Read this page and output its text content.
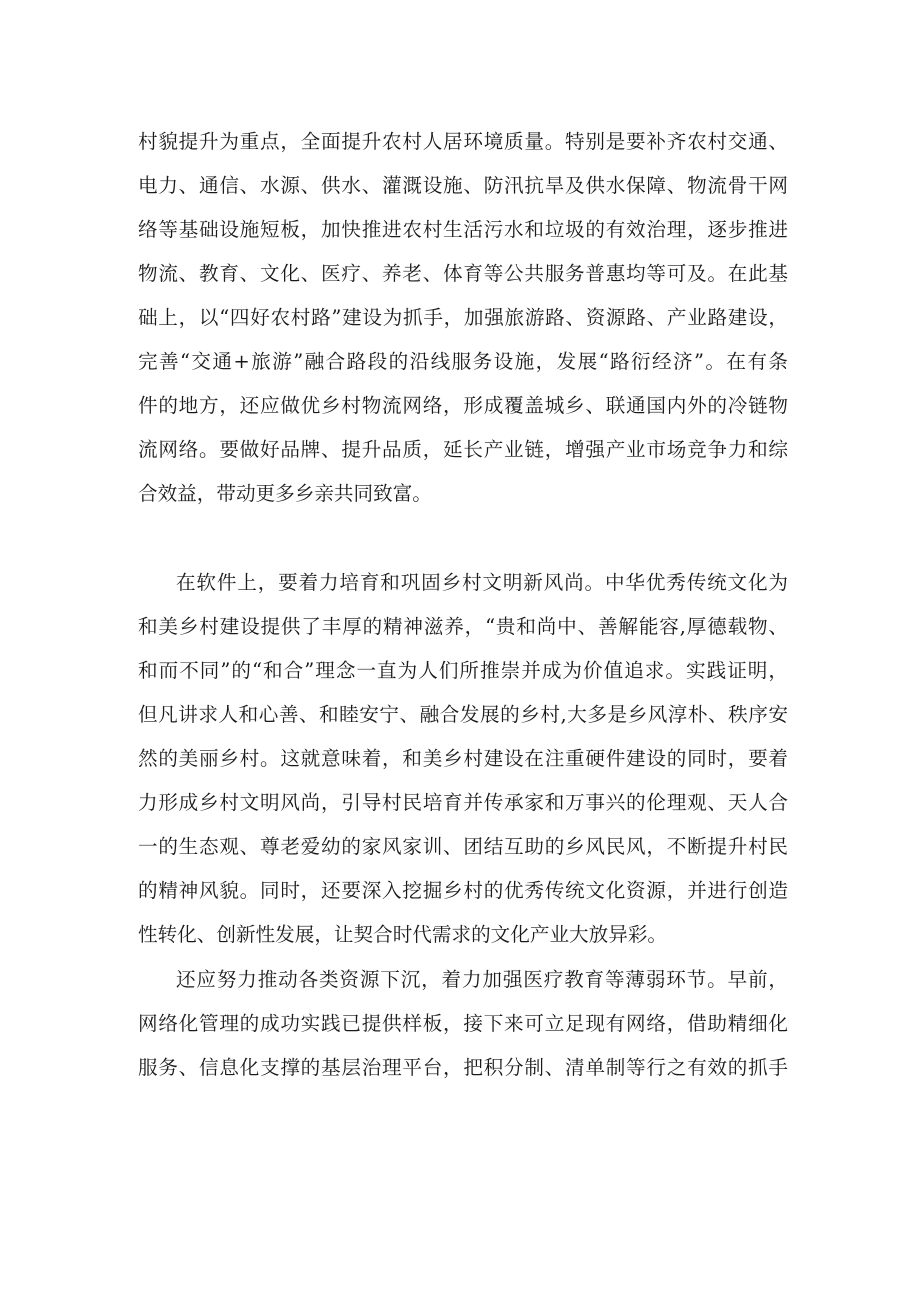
村貌提升为重点，全面提升农村人居环境质量。特别是要补齐农村交通、
电力、通信、水源、供水、灌溉设施、防汛抗旱及供水保障、物流骨干网
络等基础设施短板，加快推进农村生活污水和垃圾的有效治理，逐步推进
物流、教育、文化、医疗、养老、体育等公共服务普惠均等可及。在此基
础上，以“四好农村路”建设为抓手，加强旅游路、资源路、产业路建设，
完善“交通+旅游”融合路段的沿线服务设施，发展“路衍经济”。在有条
件的地方，还应做优乡村物流网络，形成覆盖城乡、联通国内外的冷链物
流网络。要做好品牌、提升品质，延长产业链，增强产业市场竞争力和综
合效益，带动更多乡亲共同致富。
在软件上，要着力培育和巩固乡村文明新风尚。中华优秀传统文化为
和美乡村建设提供了丰厚的精神滋养，“贵和尚中、善解能容,厚德载物、
和而不同”的“和合”理念一直为人们所推崇并成为价值追求。实践证明，
但凡讲求人和心善、和睦安宁、融合发展的乡村,大多是乡风淳朴、秩序安
然的美丽乡村。这就意味着，和美乡村建设在注重硬件建设的同时，要着
力形成乡村文明风尚，引导村民培育并传承家和万事兴的伦理观、天人合
一的生态观、尊老爱幼的家风家训、团结互助的乡风民风，不断提升村民
的精神风貌。同时，还要深入挖掘乡村的优秀传统文化资源，并进行创造
性转化、创新性发展，让契合时代需求的文化产业大放异彩。
还应努力推动各类资源下沉，着力加强医疗教育等薄弱环节。早前，
网络化管理的成功实践已提供样板，接下来可立足现有网络，借助精细化
服务、信息化支撑的基层治理平台，把积分制、清单制等行之有效的抓手
